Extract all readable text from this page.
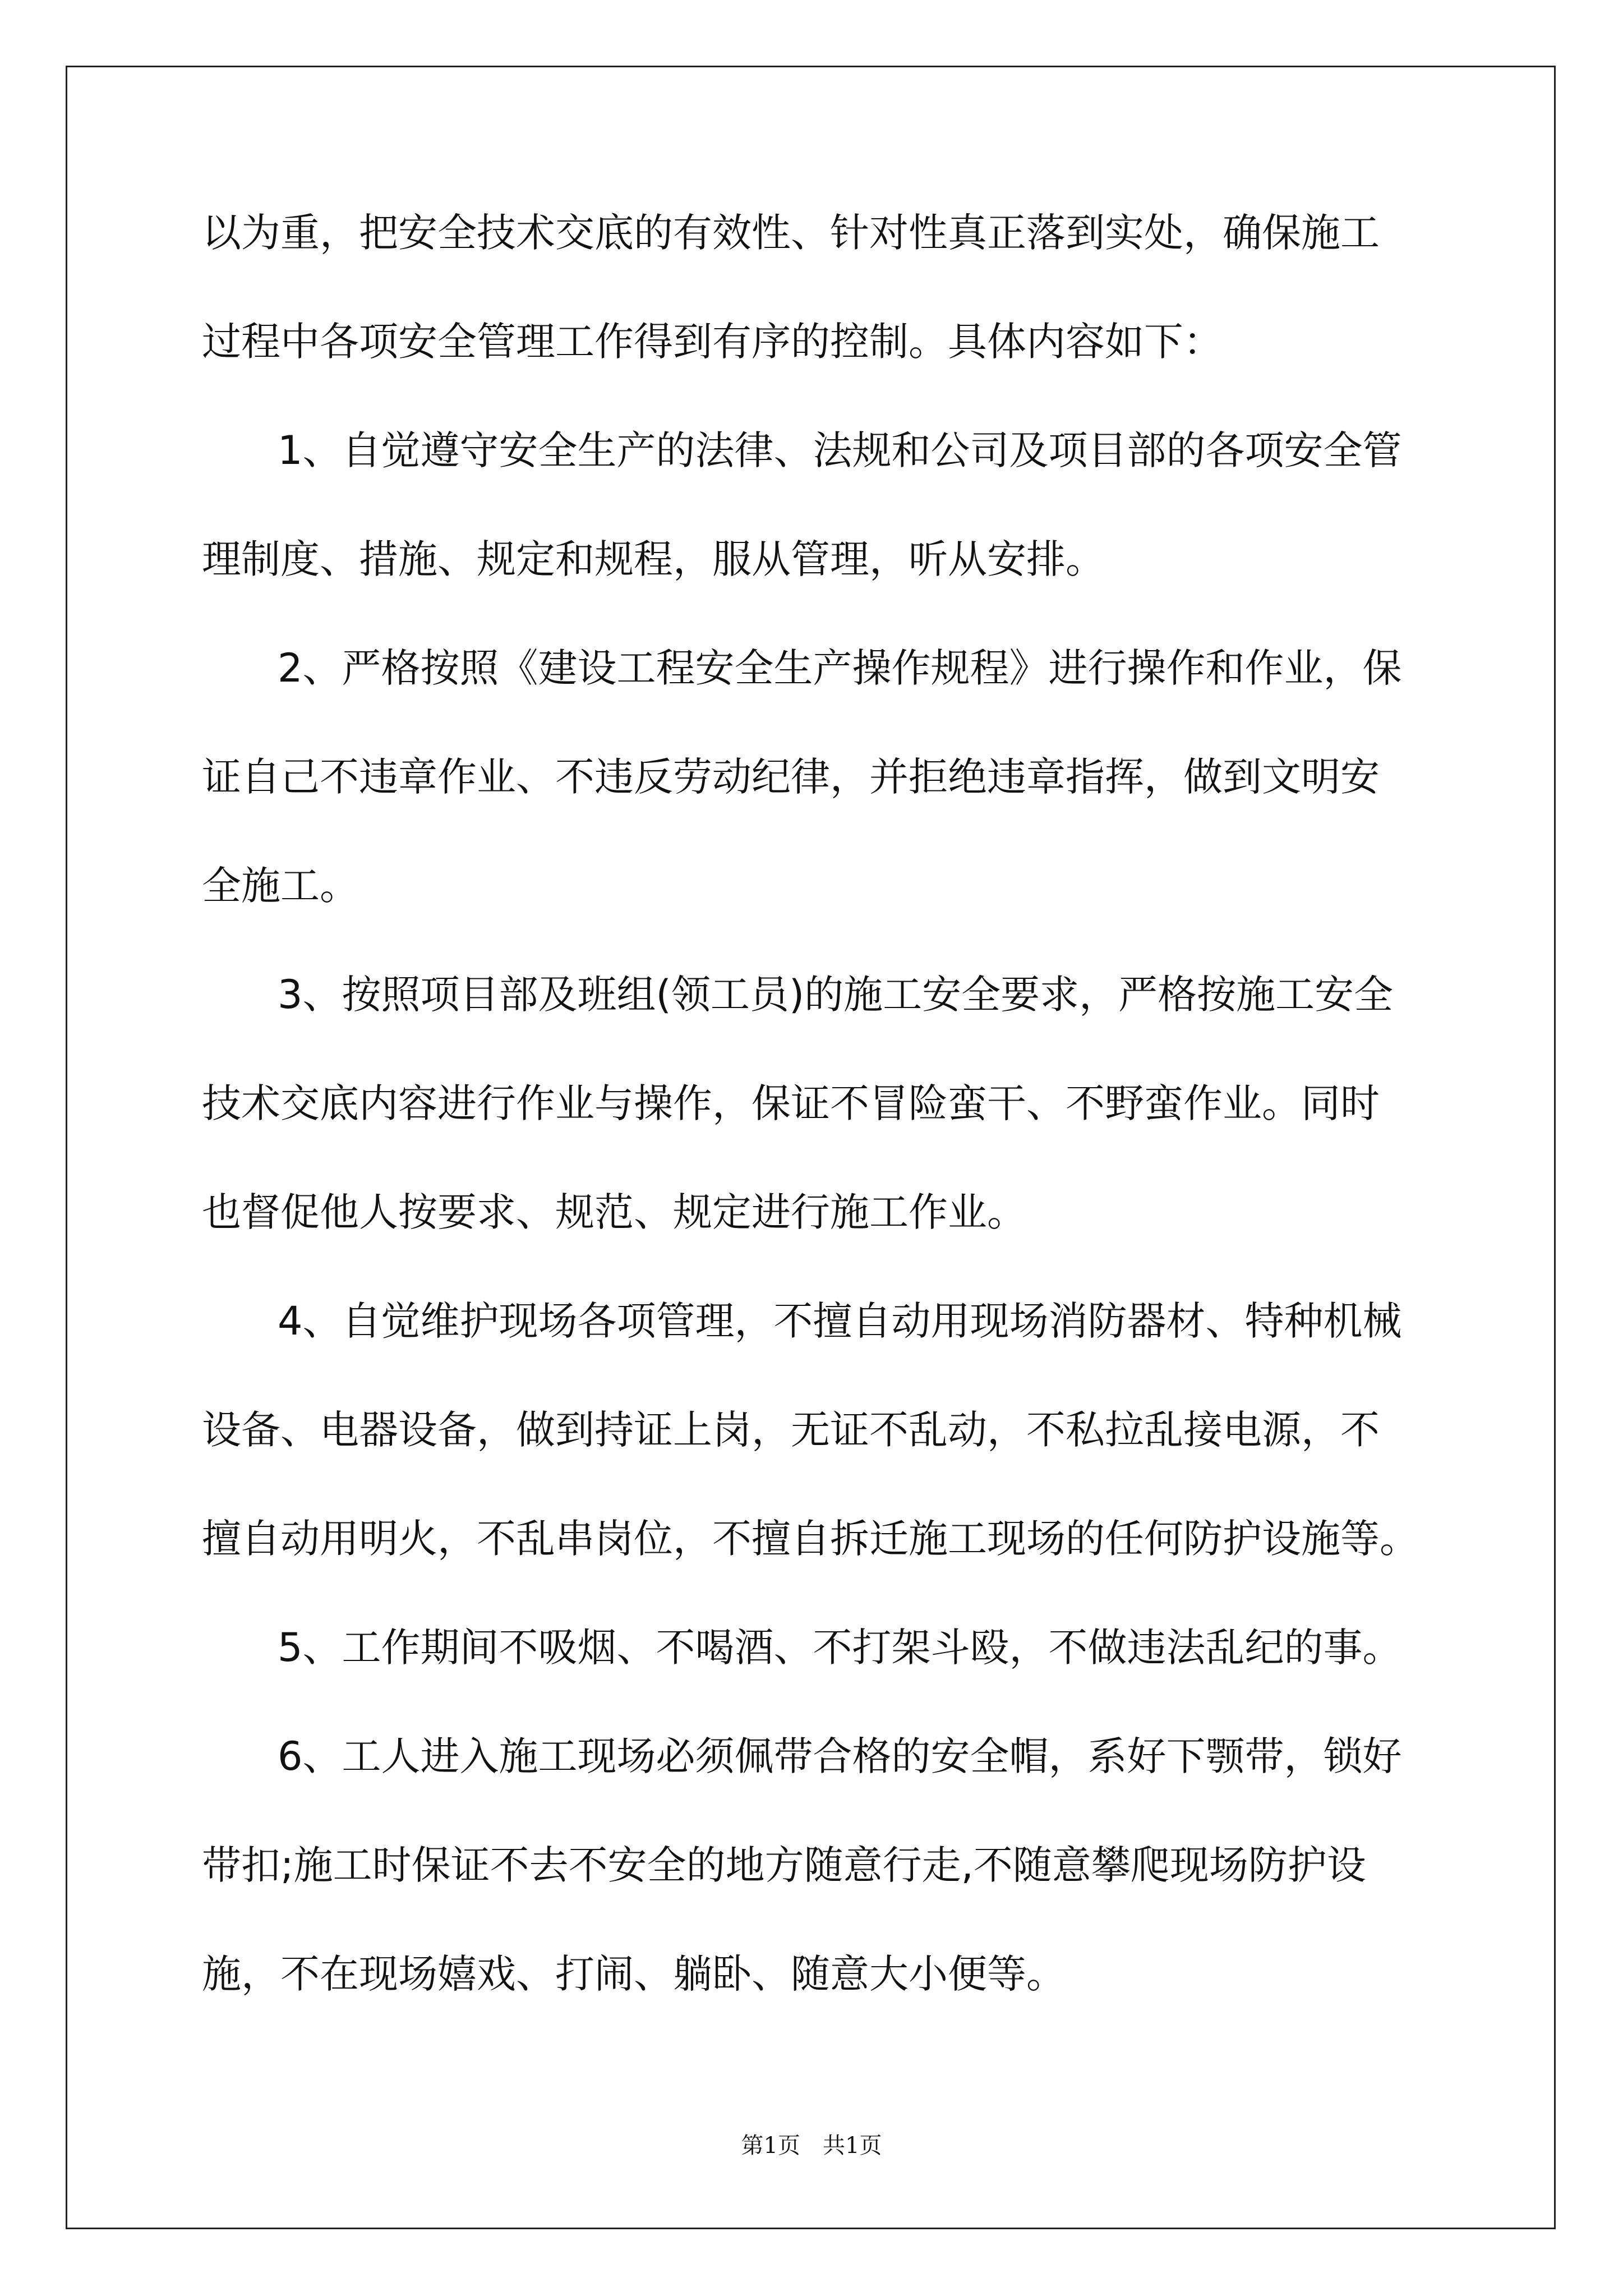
以为重，把安全技术交底的有效性、针对性真正落到实处，确保施工
过程中各项安全管理工作得到有序的控制。具体内容如下：
1、自觉遵守安全生产的法律、法规和公司及项目部的各项安全管
理制度、措施、规定和规程，服从管理，听从安排。
2、严格按照《建设工程安全生产操作规程》进行操作和作业，保
证自己不违章作业、不违反劳动纪律，并拒绝违章指挥，做到文明安
全施工。
3、按照项目部及班组(领工员)的施工安全要求，严格按施工安全
技术交底内容进行作业与操作，保证不冒险蛮干、不野蛮作业。同时
也督促他人按要求、规范、规定进行施工作业。
4、自觉维护现场各项管理，不擅自动用现场消防器材、特种机械
设备、电器设备，做到持证上岗，无证不乱动，不私拉乱接电源，不
擅自动用明火，不乱串岗位，不擅自拆迁施工现场的任何防护设施等。
5、工作期间不吸烟、不喝酒、不打架斗殴，不做违法乱纪的事。
6、工人进入施工现场必须佩带合格的安全帽，系好下颚带，锁好
带扣;施工时保证不去不安全的地方随意行走,不随意攀爬现场防护设
施，不在现场嬉戏、打闹、躺卧、随意大小便等。
第1页　共1页
